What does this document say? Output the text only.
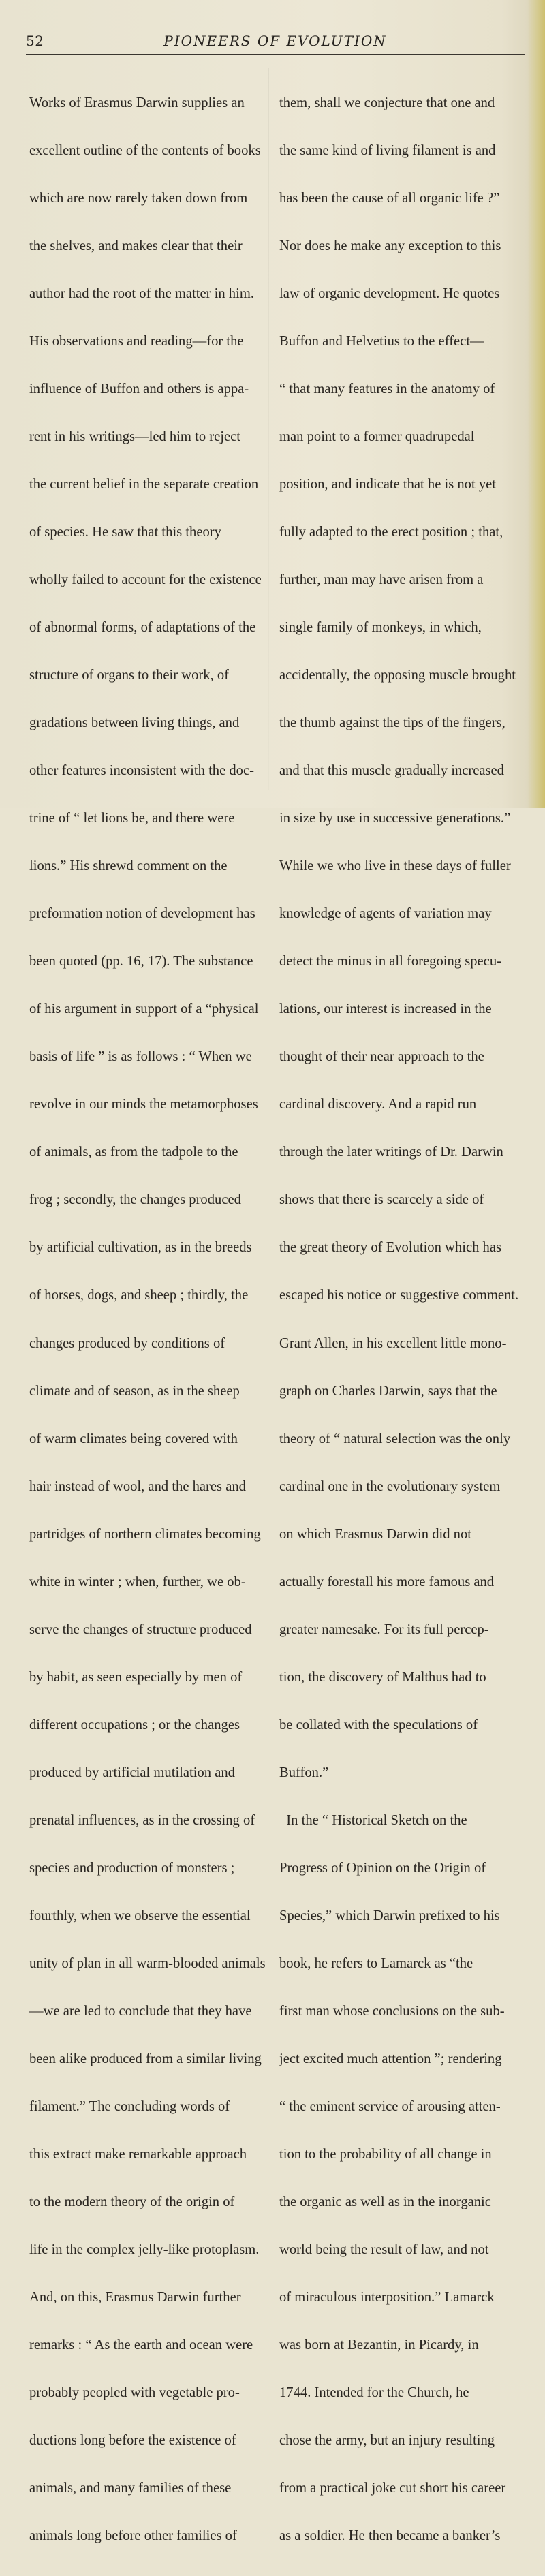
52	PIONEERS OF EVOLUTION

Works of Erasmus Darwin supplies an

excellent outline of the contents of books

which are now rarely taken down from

the shelves, and makes clear that their

author had the root of the matter in him.

His observations and reading—for the

influence of Buffon and others is appa-

rent in his writings—led him to reject

the current belief in the separate creation

of species. He saw that this theory

wholly failed to account for the existence

of abnormal forms, of adaptations of the

structure of organs to their work, of

gradations between living things, and

other features inconsistent with the doc-

trine of “ let lions be, and there were

lions.” His shrewd comment on the

preformation notion of development has

been quoted (pp. 16, 17). The substance

of his argument in support of a “physical

basis of life ” is as follows : “ When we

revolve in our minds the metamorphoses

of animals, as from the tadpole to the

frog ; secondly, the changes produced

by artificial cultivation, as in the breeds

of horses, dogs, and sheep ; thirdly, the

changes produced by conditions of

climate and of season, as in the sheep

of warm climates being covered with

hair instead of wool, and the hares and

partridges of northern climates becoming

white in winter ; when, further, we ob-

serve the changes of structure produced

by habit, as seen especially by men of

different occupations ; or the changes

produced by artificial mutilation and

prenatal influences, as in the crossing of

species and production of monsters ;

fourthly, when we observe the essential

unity of plan in all warm-blooded animals

—we are led to conclude that they have

been alike produced from a similar living

filament.” The concluding words of

this extract make remarkable approach

to the modern theory of the origin of

life in the complex jelly-like protoplasm.

And, on this, Erasmus Darwin further

remarks : “ As the earth and ocean were

probably peopled with vegetable pro-

ductions long before the existence of

animals, and many families of these

animals long before other families of

them, shall we conjecture that one and

the same kind of living filament is and

has been the cause of all organic life ?”

Nor does he make any exception to this

law of organic development. He quotes

Buffon and Helvetius to the effect—

“ that many features in the anatomy of

man point to a former quadrupedal

position, and indicate that he is not yet

fully adapted to the erect position ; that,

further, man may have arisen from a

single family of monkeys, in which,

accidentally, the opposing muscle brought

the thumb against the tips of the fingers,

and that this muscle gradually increased

in size by use in successive generations.”

While we who live in these days of fuller

knowledge of agents of variation may

detect the minus in all foregoing specu-

lations, our interest is increased in the

thought of their near approach to the

cardinal discovery. And a rapid run

through the later writings of Dr. Darwin

shows that there is scarcely a side of

the great theory of Evolution which has

escaped his notice or suggestive comment.

Grant Allen, in his excellent little mono-

graph on Charles Darwin, says that the

theory of “ natural selection was the only

cardinal one in the evolutionary system

on which Erasmus Darwin did not

actually forestall his more famous and

greater namesake. For its full percep-

tion, the discovery of Malthus had to

be collated with the speculations of

Buffon.”

In the “ Historical Sketch on the

Progress of Opinion on the Origin of

Species,” which Darwin prefixed to his

book, he refers to Lamarck as “the

first man whose conclusions on the sub-

ject excited much attention ”; rendering

“ the eminent service of arousing atten-

tion to the probability of all change in

the organic as well as in the inorganic

world being the result of law, and not

of miraculous interposition.” Lamarck

was born at Bezantin, in Picardy, in

1744. Intended for the Church, he

chose the army, but an injury resulting

from a practical joke cut short his career

as a soldier. He then became a banker’s
